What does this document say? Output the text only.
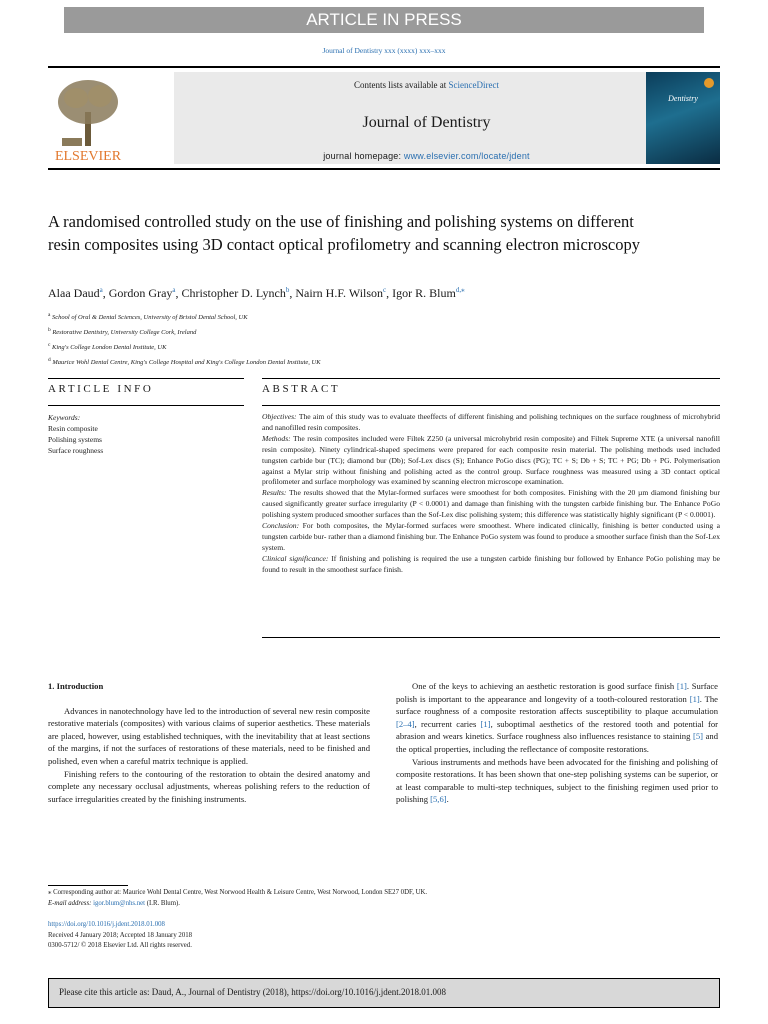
ARTICLE IN PRESS
Journal of Dentistry xxx (xxxx) xxx–xxx
ELSEVIER
Contents lists available at ScienceDirect
Journal of Dentistry
journal homepage: www.elsevier.com/locate/jdent
Dentistry
A randomised controlled study on the use of finishing and polishing systems on different resin composites using 3D contact optical profilometry and scanning electron microscopy
Alaa Daud$^a$, Gordon Gray$^a$, Christopher D. Lynch$^b$, Nairn H.F. Wilson$^c$, Igor R. Blum$^{d,⁎}$
$^a$ School of Oral & Dental Sciences, University of Bristol Dental School, UK
$^b$ Restorative Dentistry, University College Cork, Ireland
$^c$ King's College London Dental Institute, UK
$^d$ Maurice Wohl Dental Centre, King's College Hospital and King's College London Dental Institute, UK
ARTICLE INFO	ABSTRACT
Keywords:
Resin composite
Polishing systems
Surface roughness

Objectives: The aim of this study was to evaluate theeffects of different finishing and polishing techniques on the surface roughness of microhybrid and nanofilled resin composites.

Methods: The resin composites included were Filtek Z250 (a universal microhybrid resin composite) and Filtek Supreme XTE (a universal nanofill resin composite). Ninety cylindrical-shaped specimens were prepared for each composite resin material. The polishing methods used included tungsten carbide bur (TC); diamond bur (Db); Sof-Lex discs (S); Enhance PoGo discs (PG); TC + S; Db + S; TC + PG; Db + PG. Polymerisation against a Mylar strip without finishing and polishing acted as the control group. Surface roughness was measured using a 3D contact optical profilometer and surface morphology was examined by scanning electron microscope examination.

Results: The results showed that the Mylar-formed surfaces were smoothest for both composites. Finishing with the 20 µm diamond finishing bur caused significantly greater surface irregularity (P < 0.0001) and damage than finishing with the tungsten carbide finishing bur. The Enhance PoGo polishing system produced smoother surfaces than the Sof-Lex disc polishing system; this difference was statistically highly significant (P < 0.0001).

Conclusion: For both composites, the Mylar-formed surfaces were smoothest. Where indicated clinically, finishing is better conducted using a tungsten carbide bur- rather than a diamond finishing bur. The Enhance PoGo system was found to produce a smoother surface finish than the Sof-Lex system.

Clinical significance: If finishing and polishing is required the use a tungsten carbide finishing bur followed by Enhance PoGo polishing may be found to result in the smoothest surface finish.

1. Introduction

Advances in nanotechnology have led to the introduction of several new resin composite restorative materials (composites) with various claims of superior aesthetics. These materials are placed, however, using established techniques, with the inevitability that at least sections of the margins, if not the surfaces of restorations of these materials, need to be finished and polished, even when a careful matrix technique is applied.

Finishing refers to the contouring of the restoration to obtain the desired anatomy and complete any necessary occlusal adjustments, whereas polishing refers to the reduction of surface irregularities created by the finishing instruments.

One of the keys to achieving an aesthetic restoration is good surface finish [1]. Surface polish is important to the appearance and longevity of a tooth-coloured restoration [1]. The surface roughness of a composite restoration affects susceptibility to plaque accumulation [2–4], recurrent caries [1], suboptimal aesthetics of the restored tooth and potential for abrasion and wears kinetics. Surface roughness also influences resistance to staining [5] and the optical properties, including the reflectance of composite restorations.

Various instruments and methods have been advocated for the finishing and polishing of composite restorations. It has been shown that one-step polishing systems can be superior, or at least comparable to multi-step techniques, subject to the finishing regimen used prior to polishing [5,6].

⁎ Corresponding author at: Maurice Wohl Dental Centre, West Norwood Health & Leisure Centre, West Norwood, London SE27 0DF, UK.
E-mail address: igor.blum@nhs.net (I.R. Blum).
https://doi.org/10.1016/j.jdent.2018.01.008
Received 4 January 2018; Accepted 18 January 2018
0300-5712/ © 2018 Elsevier Ltd. All rights reserved.
Please cite this article as: Daud, A., Journal of Dentistry (2018), https://doi.org/10.1016/j.jdent.2018.01.008
